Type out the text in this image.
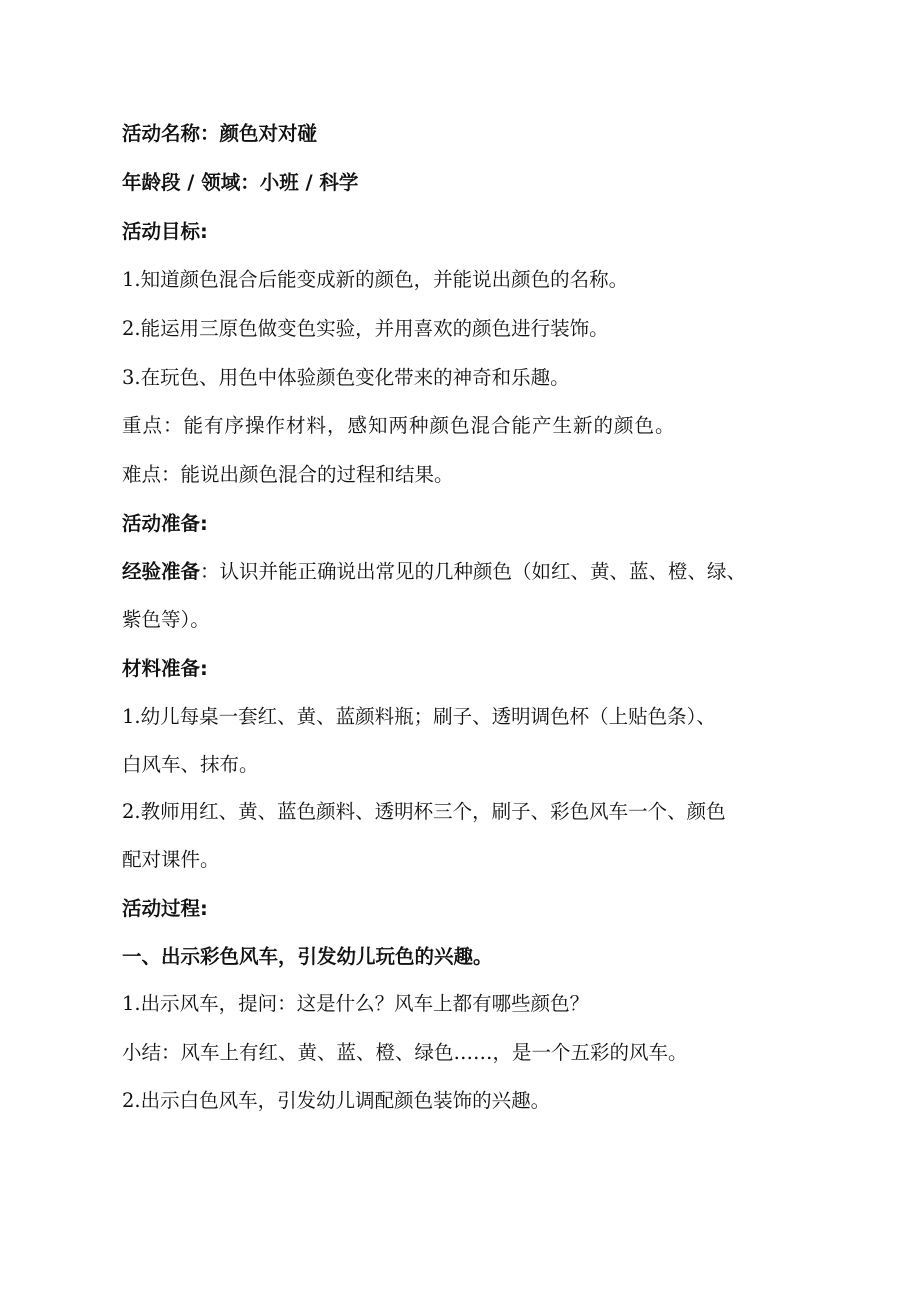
活动名称：颜色对对碰
年龄段 / 领域：小班 / 科学
活动目标:
1.知道颜色混合后能变成新的颜色，并能说出颜色的名称。
2.能运用三原色做变色实验，并用喜欢的颜色进行装饰。
3.在玩色、用色中体验颜色变化带来的神奇和乐趣。
重点：能有序操作材料，感知两种颜色混合能产生新的颜色。
难点：能说出颜色混合的过程和结果。
活动准备:
经验准备：认识并能正确说出常见的几种颜色（如红、黄、蓝、橙、绿、
紫色等）。
材料准备:
1.幼儿每桌一套红、黄、蓝颜料瓶；刷子、透明调色杯（上贴色条）、
白风车、抹布。
2.教师用红、黄、蓝色颜料、透明杯三个，刷子、彩色风车一个、颜色
配对课件。
活动过程:
一、出示彩色风车，引发幼儿玩色的兴趣。
1.出示风车，提问：这是什么？风车上都有哪些颜色？
小结：风车上有红、黄、蓝、橙、绿色……，是一个五彩的风车。
2.出示白色风车，引发幼儿调配颜色装饰的兴趣。
